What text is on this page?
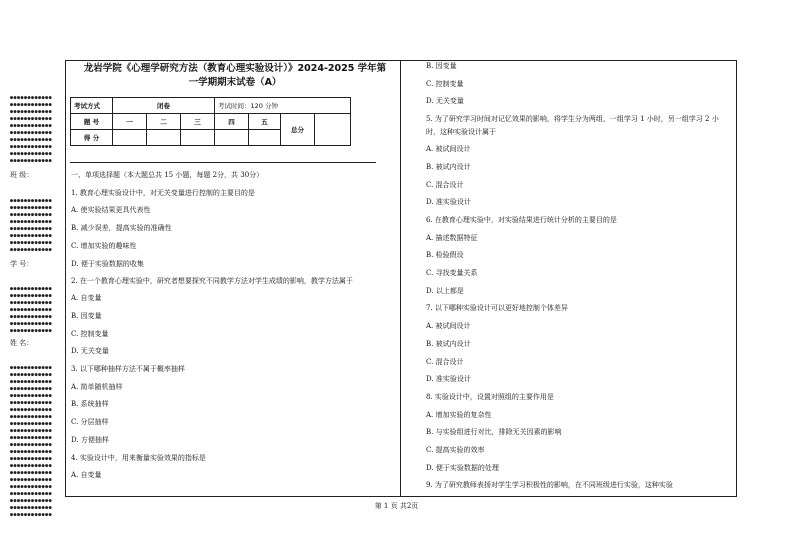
●●●●●●●●●●●●
●●●●●●●●●●●●
●●●●●●●●●●●●
●●●●●●●●●●●●
●●●●●●●●●●●●
●●●●●●●●●●●●
●●●●●●●●●●●●
●●●●●●●●●●●●
●●●●●●●●●●●●
●●●●●●●●●●●●
班 级：
●●●●●●●●●●●●
●●●●●●●●●●●●
●●●●●●●●●●●●
●●●●●●●●●●●●
●●●●●●●●●●●●
●●●●●●●●●●●●
●●●●●●●●●●●●
●●●●●●●●●●●●
学 号：
●●●●●●●●●●●●
●●●●●●●●●●●●
●●●●●●●●●●●●
●●●●●●●●●●●●
●●●●●●●●●●●●
●●●●●●●●●●●●
●●●●●●●●●●●●
姓 名：
●●●●●●●●●●●●
●●●●●●●●●●●●
●●●●●●●●●●●●
●●●●●●●●●●●●
●●●●●●●●●●●●
●●●●●●●●●●●●
●●●●●●●●●●●●
●●●●●●●●●●●●
●●●●●●●●●●●●
●●●●●●●●●●●●
●●●●●●●●●●●●
●●●●●●●●●●●●
●●●●●●●●●●●●
●●●●●●●●●●●●
●●●●●●●●●●●●
●●●●●●●●●●●●
●●●●●●●●●●●●
●●●●●●●●●●●●
●●●●●●●●●●●●
●●●●●●●●●●●●
●●●●●●●●●●●●
●●●●●●●●●●●●
龙岩学院《心理学研究方法（教育心理实验设计）》2024-2025 学年第
一学期期末试卷（A）
考试方式	闭卷			考试时间：120 分钟			
题 号	一	二	三	四	五	总分	
得 分							

一、单项选择题（本大题总共 15 小题，每题 2分，共 30分）

1. 教育心理实验设计中，对无关变量进行控制的主要目的是

A. 使实验结果更具代表性

B. 减少误差，提高实验的准确性

C. 增加实验的趣味性

D. 便于实验数据的收集

2. 在一个教育心理实验中，研究者想要探究不同教学方法对学生成绩的影响，教学方法属于

A. 自变量

B. 因变量

C. 控制变量

D. 无关变量

3. 以下哪种抽样方法不属于概率抽样

A. 简单随机抽样

B. 系统抽样

C. 分层抽样

D. 方便抽样

4. 实验设计中，用来衡量实验效果的指标是

A. 自变量

B. 因变量

C. 控制变量

D. 无关变量

5. 为了研究学习时间对记忆效果的影响，将学生分为两组，一组学习 1 小时，另一组学习 2 小时，这种实验设计属于

A. 被试间设计

B. 被试内设计

C. 混合设计

D. 准实验设计

6. 在教育心理实验中，对实验结果进行统计分析的主要目的是

A. 描述数据特征

B. 检验假设

C. 寻找变量关系

D. 以上都是

7. 以下哪种实验设计可以更好地控制个体差异

A. 被试间设计

B. 被试内设计

C. 混合设计

D. 准实验设计

8. 实验设计中，设置对照组的主要作用是

A. 增加实验的复杂性

B. 与实验组进行对比，排除无关因素的影响

C. 提高实验的效率

D. 便于实验数据的处理

9. 为了研究教师表扬对学生学习积极性的影响，在不同班级进行实验，这种实验

第 1 页 共2页
